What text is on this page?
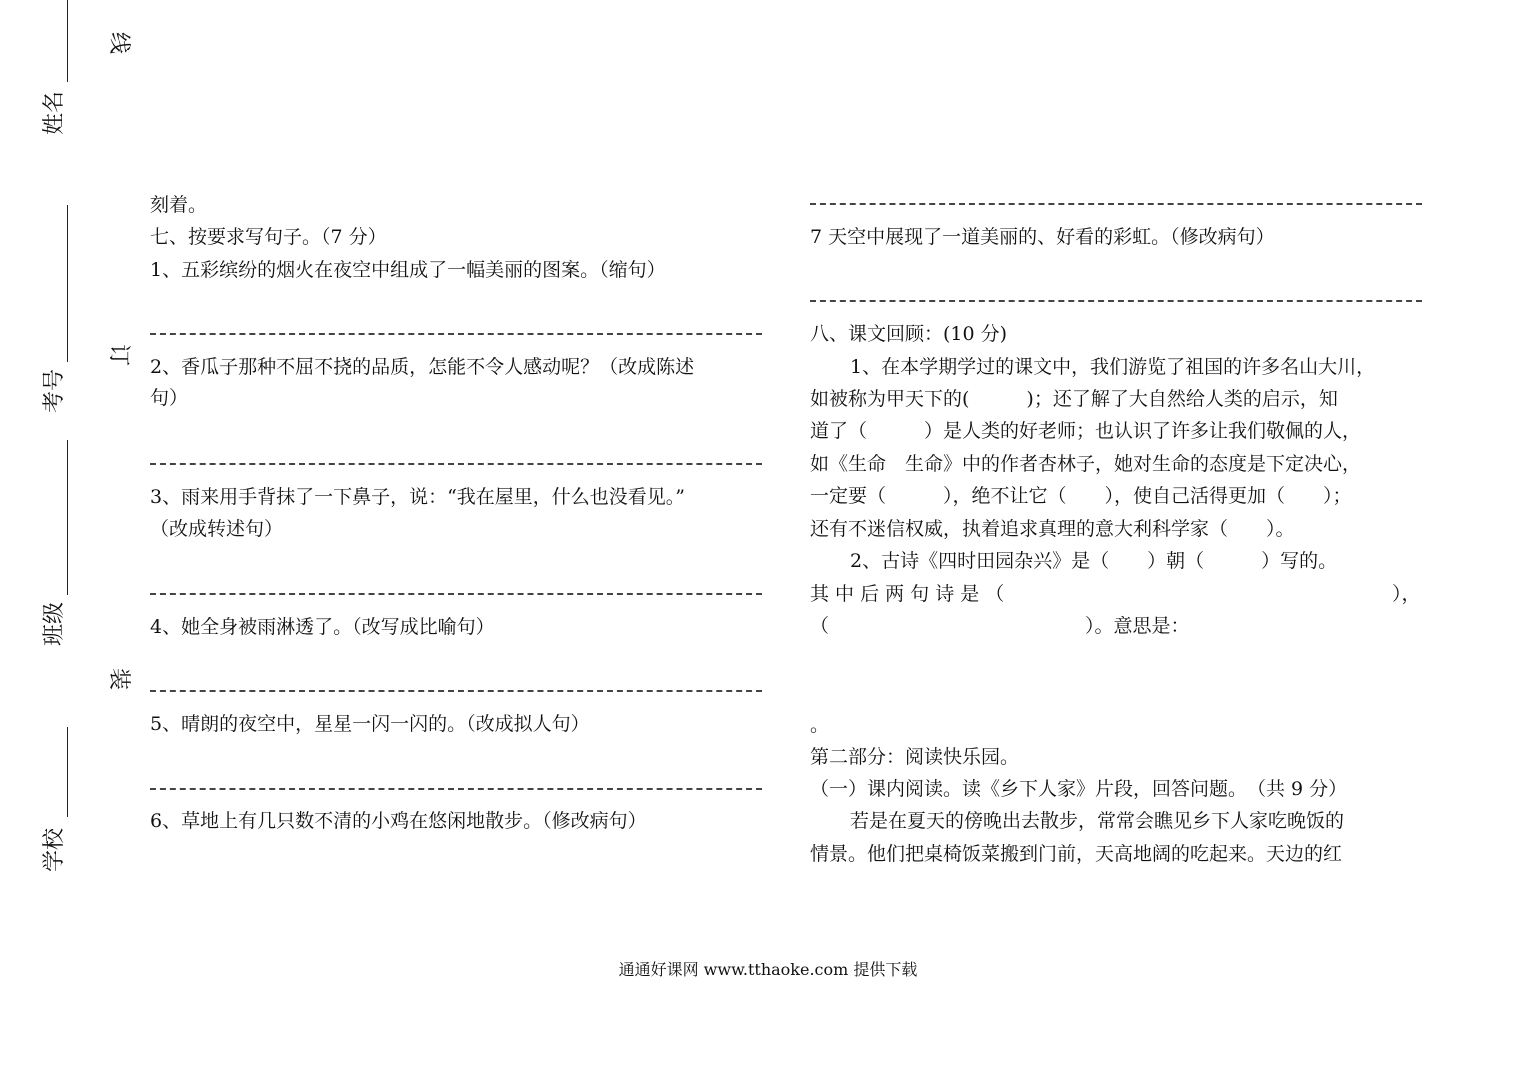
姓名
考号
班级
学校
线
订
装
刻着。
七、按要求写句子。（7 分）
1、五彩缤纷的烟火在夜空中组成了一幅美丽的图案。（缩句）
2、香瓜子那种不屈不挠的品质，怎能不令人感动呢？（改成陈述
句）
3、雨来用手背抹了一下鼻子，说：“我在屋里，什么也没看见。”
（改成转述句）
4、她全身被雨淋透了。（改写成比喻句）
5、晴朗的夜空中，星星一闪一闪的。（改成拟人句）
6、草地上有几只数不清的小鸡在悠闲地散步。（修改病句）
7 天空中展现了一道美丽的、好看的彩虹。（修改病句）
八、课文回顾：(10 分)
1、在本学期学过的课文中，我们游览了祖国的许多名山大川，
如被称为甲天下的(　　　)；还了解了大自然给人类的启示，知
道了（　　　）是人类的好老师；也认识了许多让我们敬佩的人，
如《生命　生命》中的作者杏林子，她对生命的态度是下定决心，
一定要（　　　），绝不让它（　　），使自己活得更加（　　）；
还有不迷信权威，执着追求真理的意大利科学家（　　）。
2、古诗《四时田园杂兴》是（　　）朝（　　　）写的。
其 中 后 两 句 诗 是 （	），
（	）。意思是：
。
第二部分：阅读快乐园。
（一）课内阅读。读《乡下人家》片段，回答问题。　（共 9 分）
若是在夏天的傍晚出去散步，常常会瞧见乡下人家吃晚饭的
情景。他们把桌椅饭菜搬到门前，天高地阔的吃起来。天边的红
通通好课网 www.tthaoke.com 提供下载
